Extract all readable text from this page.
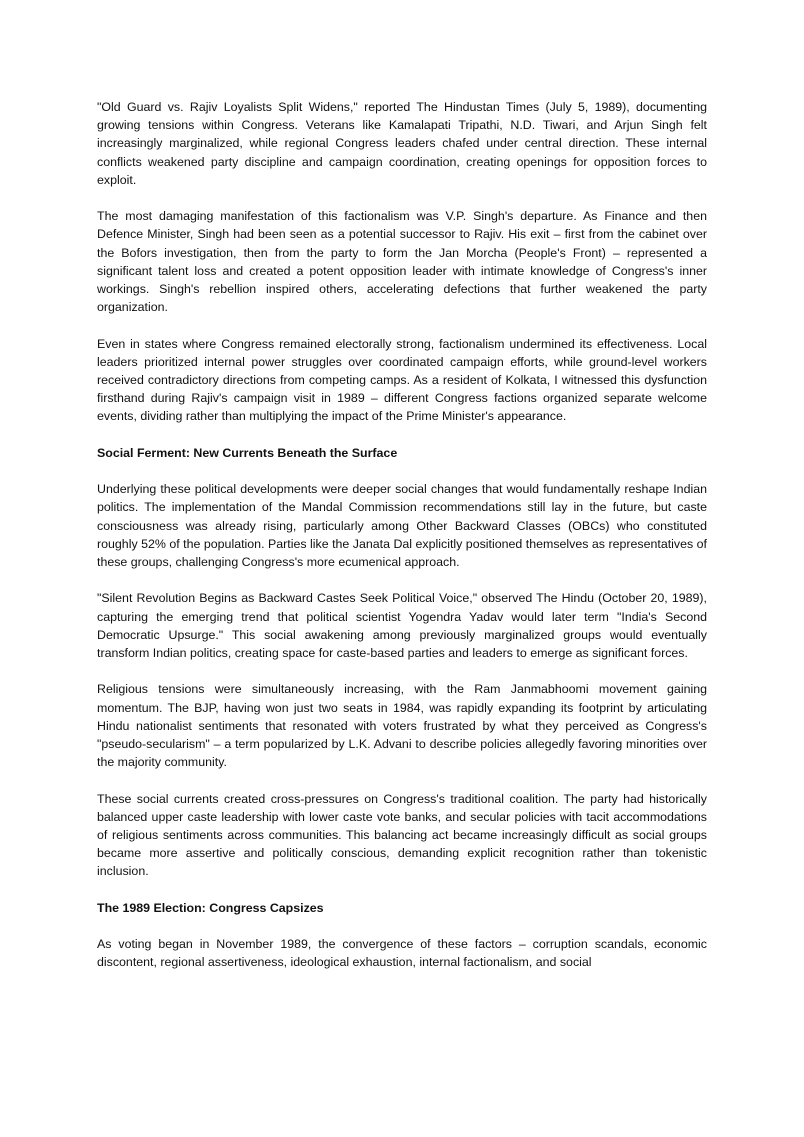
"Old Guard vs. Rajiv Loyalists Split Widens," reported The Hindustan Times (July 5, 1989), documenting growing tensions within Congress. Veterans like Kamalapati Tripathi, N.D. Tiwari, and Arjun Singh felt increasingly marginalized, while regional Congress leaders chafed under central direction. These internal conflicts weakened party discipline and campaign coordination, creating openings for opposition forces to exploit.

The most damaging manifestation of this factionalism was V.P. Singh's departure. As Finance and then Defence Minister, Singh had been seen as a potential successor to Rajiv. His exit – first from the cabinet over the Bofors investigation, then from the party to form the Jan Morcha (People's Front) – represented a significant talent loss and created a potent opposition leader with intimate knowledge of Congress's inner workings. Singh's rebellion inspired others, accelerating defections that further weakened the party organization.

Even in states where Congress remained electorally strong, factionalism undermined its effectiveness. Local leaders prioritized internal power struggles over coordinated campaign efforts, while ground-level workers received contradictory directions from competing camps. As a resident of Kolkata, I witnessed this dysfunction firsthand during Rajiv's campaign visit in 1989 – different Congress factions organized separate welcome events, dividing rather than multiplying the impact of the Prime Minister's appearance.

Social Ferment: New Currents Beneath the Surface

Underlying these political developments were deeper social changes that would fundamentally reshape Indian politics. The implementation of the Mandal Commission recommendations still lay in the future, but caste consciousness was already rising, particularly among Other Backward Classes (OBCs) who constituted roughly 52% of the population. Parties like the Janata Dal explicitly positioned themselves as representatives of these groups, challenging Congress's more ecumenical approach.

"Silent Revolution Begins as Backward Castes Seek Political Voice," observed The Hindu (October 20, 1989), capturing the emerging trend that political scientist Yogendra Yadav would later term "India's Second Democratic Upsurge." This social awakening among previously marginalized groups would eventually transform Indian politics, creating space for caste-based parties and leaders to emerge as significant forces.

Religious tensions were simultaneously increasing, with the Ram Janmabhoomi movement gaining momentum. The BJP, having won just two seats in 1984, was rapidly expanding its footprint by articulating Hindu nationalist sentiments that resonated with voters frustrated by what they perceived as Congress's "pseudo-secularism" – a term popularized by L.K. Advani to describe policies allegedly favoring minorities over the majority community.

These social currents created cross-pressures on Congress's traditional coalition. The party had historically balanced upper caste leadership with lower caste vote banks, and secular policies with tacit accommodations of religious sentiments across communities. This balancing act became increasingly difficult as social groups became more assertive and politically conscious, demanding explicit recognition rather than tokenistic inclusion.

The 1989 Election: Congress Capsizes

As voting began in November 1989, the convergence of these factors – corruption scandals, economic discontent, regional assertiveness, ideological exhaustion, internal factionalism, and social
